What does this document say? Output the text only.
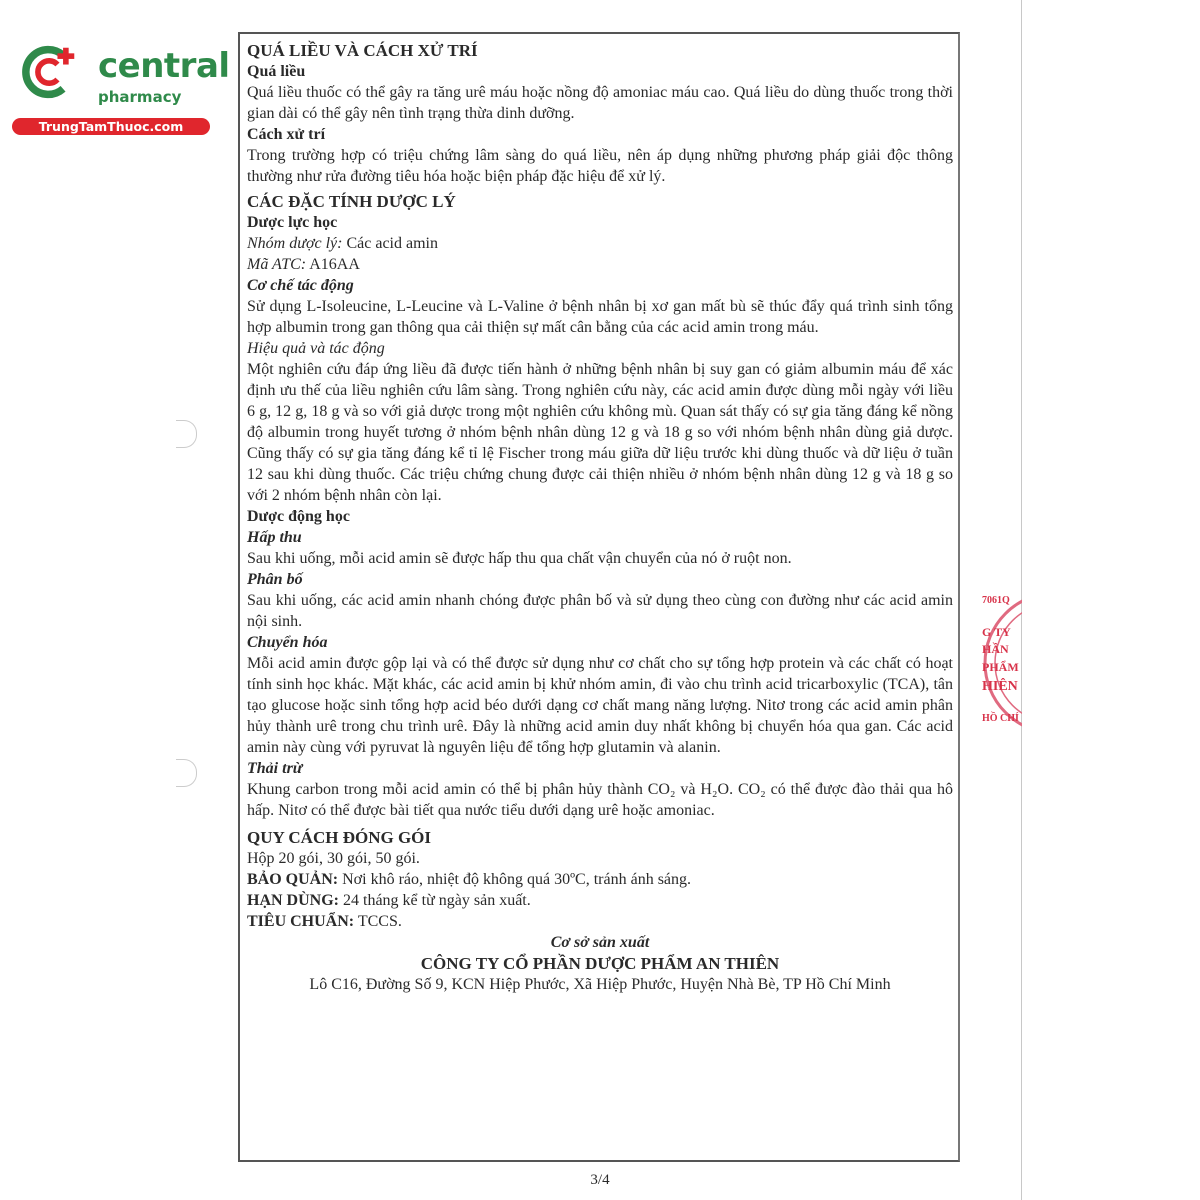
central
pharmacy
TrungTamThuoc.com
7061Q
G TY
HẦN
PHẨM
HIÊN
HỒ CHÍ
QUÁ LIỀU VÀ CÁCH XỬ TRÍ
Quá liều
Quá liều thuốc có thể gây ra tăng urê máu hoặc nồng độ amoniac máu cao. Quá liều do dùng thuốc trong thời gian dài có thể gây nên tình trạng thừa dinh dưỡng.
Cách xử trí
Trong trường hợp có triệu chứng lâm sàng do quá liều, nên áp dụng những phương pháp giải độc thông thường như rửa đường tiêu hóa hoặc biện pháp đặc hiệu để xử lý.
CÁC ĐẶC TÍNH DƯỢC LÝ
Dược lực học
Nhóm dược lý: Các acid amin
Mã ATC: A16AA
Cơ chế tác động
Sử dụng L-Isoleucine, L-Leucine và L-Valine ở bệnh nhân bị xơ gan mất bù sẽ thúc đẩy quá trình sinh tổng hợp albumin trong gan thông qua cải thiện sự mất cân bằng của các acid amin trong máu.
Hiệu quả và tác động
Một nghiên cứu đáp ứng liều đã được tiến hành ở những bệnh nhân bị suy gan có giảm albumin máu để xác định ưu thế của liều nghiên cứu lâm sàng. Trong nghiên cứu này, các acid amin được dùng mỗi ngày với liều 6 g, 12 g, 18 g và so với giả dược trong một nghiên cứu không mù. Quan sát thấy có sự gia tăng đáng kể nồng độ albumin trong huyết tương ở nhóm bệnh nhân dùng 12 g và 18 g so với nhóm bệnh nhân dùng giả dược. Cũng thấy có sự gia tăng đáng kể tỉ lệ Fischer trong máu giữa dữ liệu trước khi dùng thuốc và dữ liệu ở tuần 12 sau khi dùng thuốc. Các triệu chứng chung được cải thiện nhiều ở nhóm bệnh nhân dùng 12 g và 18 g so với 2 nhóm bệnh nhân còn lại.
Dược động học
Hấp thu
Sau khi uống, mỗi acid amin sẽ được hấp thu qua chất vận chuyển của nó ở ruột non.
Phân bố
Sau khi uống, các acid amin nhanh chóng được phân bố và sử dụng theo cùng con đường như các acid amin nội sinh.
Chuyển hóa
Mỗi acid amin được gộp lại và có thể được sử dụng như cơ chất cho sự tổng hợp protein và các chất có hoạt tính sinh học khác. Mặt khác, các acid amin bị khử nhóm amin, đi vào chu trình acid tricarboxylic (TCA), tân tạo glucose hoặc sinh tổng hợp acid béo dưới dạng cơ chất mang năng lượng. Nitơ trong các acid amin phân hủy thành urê trong chu trình urê. Đây là những acid amin duy nhất không bị chuyển hóa qua gan. Các acid amin này cùng với pyruvat là nguyên liệu để tổng hợp glutamin và alanin.
Thải trừ
Khung carbon trong mỗi acid amin có thể bị phân hủy thành CO₂ và H₂O. CO₂ có thể được đào thải qua hô hấp. Nitơ có thể được bài tiết qua nước tiểu dưới dạng urê hoặc amoniac.
QUY CÁCH ĐÓNG GÓI
Hộp 20 gói, 30 gói, 50 gói.
BẢO QUẢN: Nơi khô ráo, nhiệt độ không quá 30ºC, tránh ánh sáng.
HẠN DÙNG: 24 tháng kể từ ngày sản xuất.
TIÊU CHUẨN: TCCS.
Cơ sở sản xuất
CÔNG TY CỔ PHẦN DƯỢC PHẨM AN THIÊN
Lô C16, Đường Số 9, KCN Hiệp Phước, Xã Hiệp Phước, Huyện Nhà Bè, TP Hồ Chí Minh
3/4
